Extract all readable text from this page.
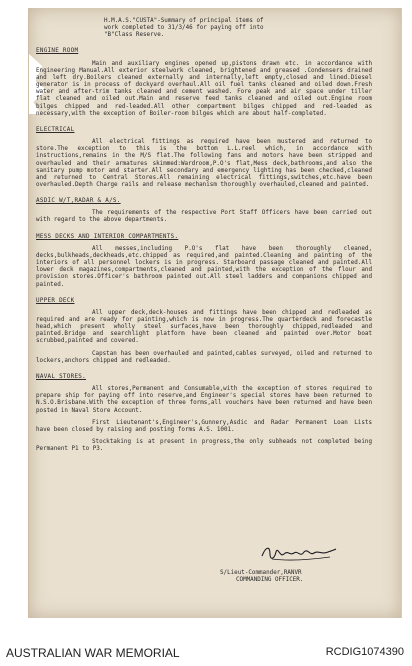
H.M.A.S."CUSTA"-Summary of principal items of
work completed to 31/3/46 for paying off into
"B"Class Reserve.
ENGINE ROOM

Main and auxiliary engines opened up,pistons drawn etc. in accordance with Engineering Manual.All exterior steelwork cleaned, brightened and greased .Condensers drained and left dry.Boilers cleaned externally and internally,left empty,closed and lined.Diesel generator is in process of dockyard overhaul.All oil fuel tanks cleaned and oiled down.Fresh water and after-trim tanks cleaned and cement washed. Fore peak and air space under tiller flat cleaned and oiled out.Main and reserve feed tanks cleaned and oiled out.Engine room bilges chipped and red-leaded.All other compartment bilges chipped and red-leaded as necessary,with the exception of Boiler-room bilges which are about half-completed.

ELECTRICAL

All electrical fittings as required have been mustered and returned to store.The exception to this is the bottom L.L.reel which, in accordance with instructions,remains in the M/S flat.The following fans and motors have been stripped and overhauled and their armatures skimmed:Wardroom,P.O's flat,Mess deck,bathrooms,and also the sanitary pump motor and starter.All secondary and emergency lighting has been checked,cleaned and returned to Central Stores.All remaining electrical fittings,switches,etc.have been overhauled.Depth Charge rails and release mechanism thoroughly overhauled,cleaned and painted.

ASDIC W/T,RADAR & A/S.

The requirements of the respective Port Staff Officers have been carried out with regard to the above departments.

MESS DECKS AND INTERIOR COMPARTMENTS.

All messes,including P.O's flat have been thoroughly cleaned, decks,bulkheads,deckheads,etc.chipped as required,and painted.Cleaning and painting of the interiors of all personnel lockers is in progress. Starboard passage cleaned and painted.All lower deck magazines,compartments,cleaned and painted,with the exception of the flour and provision stores.Officer's bathroom painted out.All steel ladders and companions chipped and painted.

UPPER DECK

All upper deck,deck-houses and fittings have been chipped and redleaded as required and are ready for painting,which is now in progress.The quarterdeck and forecastle head,which present wholly steel surfaces,have been thoroughly chipped,redleaded and painted.Bridge and searchlight platform have been cleaned and painted over.Motor boat scrubbed,painted and covered.

Capstan has been overhauled and painted,cables surveyed, oiled and returned to lockers,anchors chipped and redleaded.

NAVAL STORES.

All stores,Permanent and Consumable,with the exception of stores required to prepare ship for paying off into reserve,and Engineer's special stores have been returned to N.S.O.Brisbane.With the exception of three forms,all vouchers have been returned and have been posted in Naval Store Account.

First Lieutenant's,Engineer's,Gunnery,Asdic and Radar Permanent Loan Lists have been closed by raising and posting forms A.S. 1001.

Stocktaking is at present in progress,the only subheads not completed being Permanent P1 to P3.

S/Lieut-Commander,RANVR
COMMANDING OFFICER.
AUSTRALIAN WAR MEMORIAL	RCDIG1074390
